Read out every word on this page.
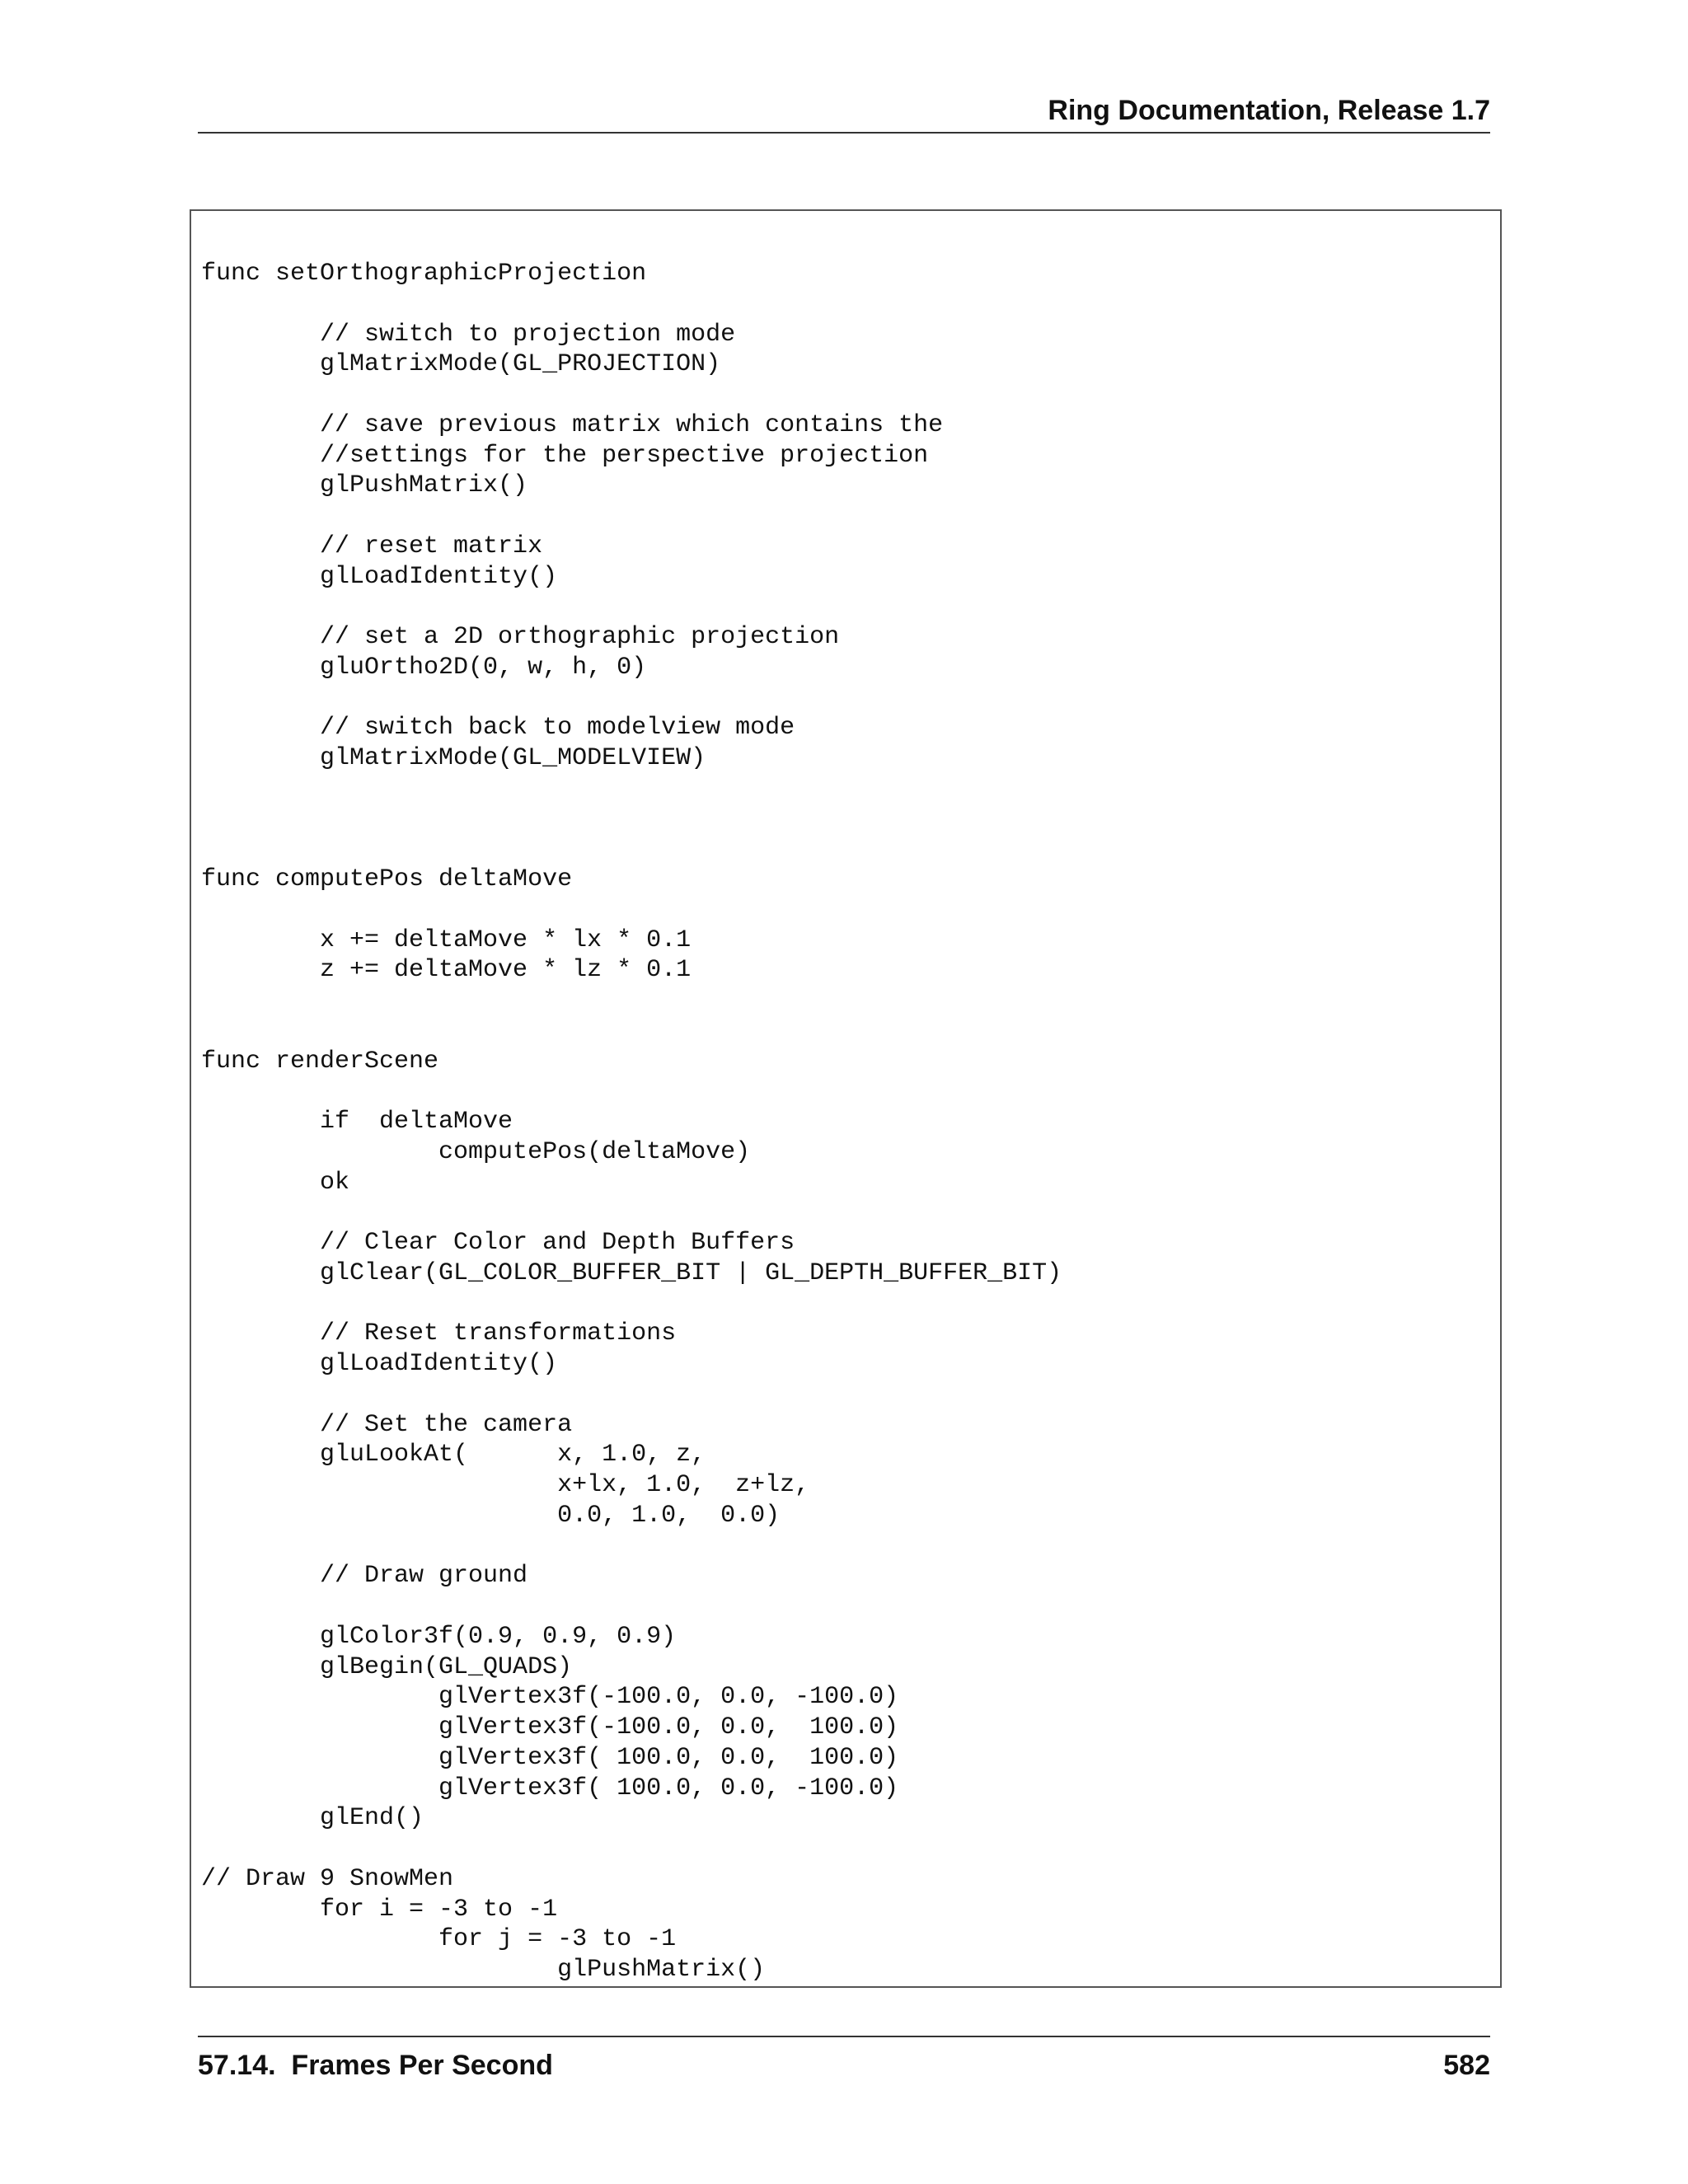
Ring Documentation, Release 1.7
func setOrthographicProjection
// switch to projection mode
glMatrixMode(GL_PROJECTION)
// save previous matrix which contains the
//settings for the perspective projection
glPushMatrix()
// reset matrix
glLoadIdentity()
// set a 2D orthographic projection
gluOrtho2D(0, w, h, 0)
// switch back to modelview mode
glMatrixMode(GL_MODELVIEW)
func computePos deltaMove
x += deltaMove * lx * 0.1
z += deltaMove * lz * 0.1
func renderScene
if  deltaMove
computePos(deltaMove)
ok
// Clear Color and Depth Buffers
glClear(GL_COLOR_BUFFER_BIT | GL_DEPTH_BUFFER_BIT)
// Reset transformations
glLoadIdentity()
// Set the camera
gluLookAt(      x, 1.0, z,
x+lx, 1.0,  z+lz,
0.0, 1.0,  0.0)
// Draw ground
glColor3f(0.9, 0.9, 0.9)
glBegin(GL_QUADS)
glVertex3f(-100.0, 0.0, -100.0)
glVertex3f(-100.0, 0.0,  100.0)
glVertex3f( 100.0, 0.0,  100.0)
glVertex3f( 100.0, 0.0, -100.0)
glEnd()
// Draw 9 SnowMen
for i = -3 to -1
for j = -3 to -1
glPushMatrix()
57.14.  Frames Per Second	582
